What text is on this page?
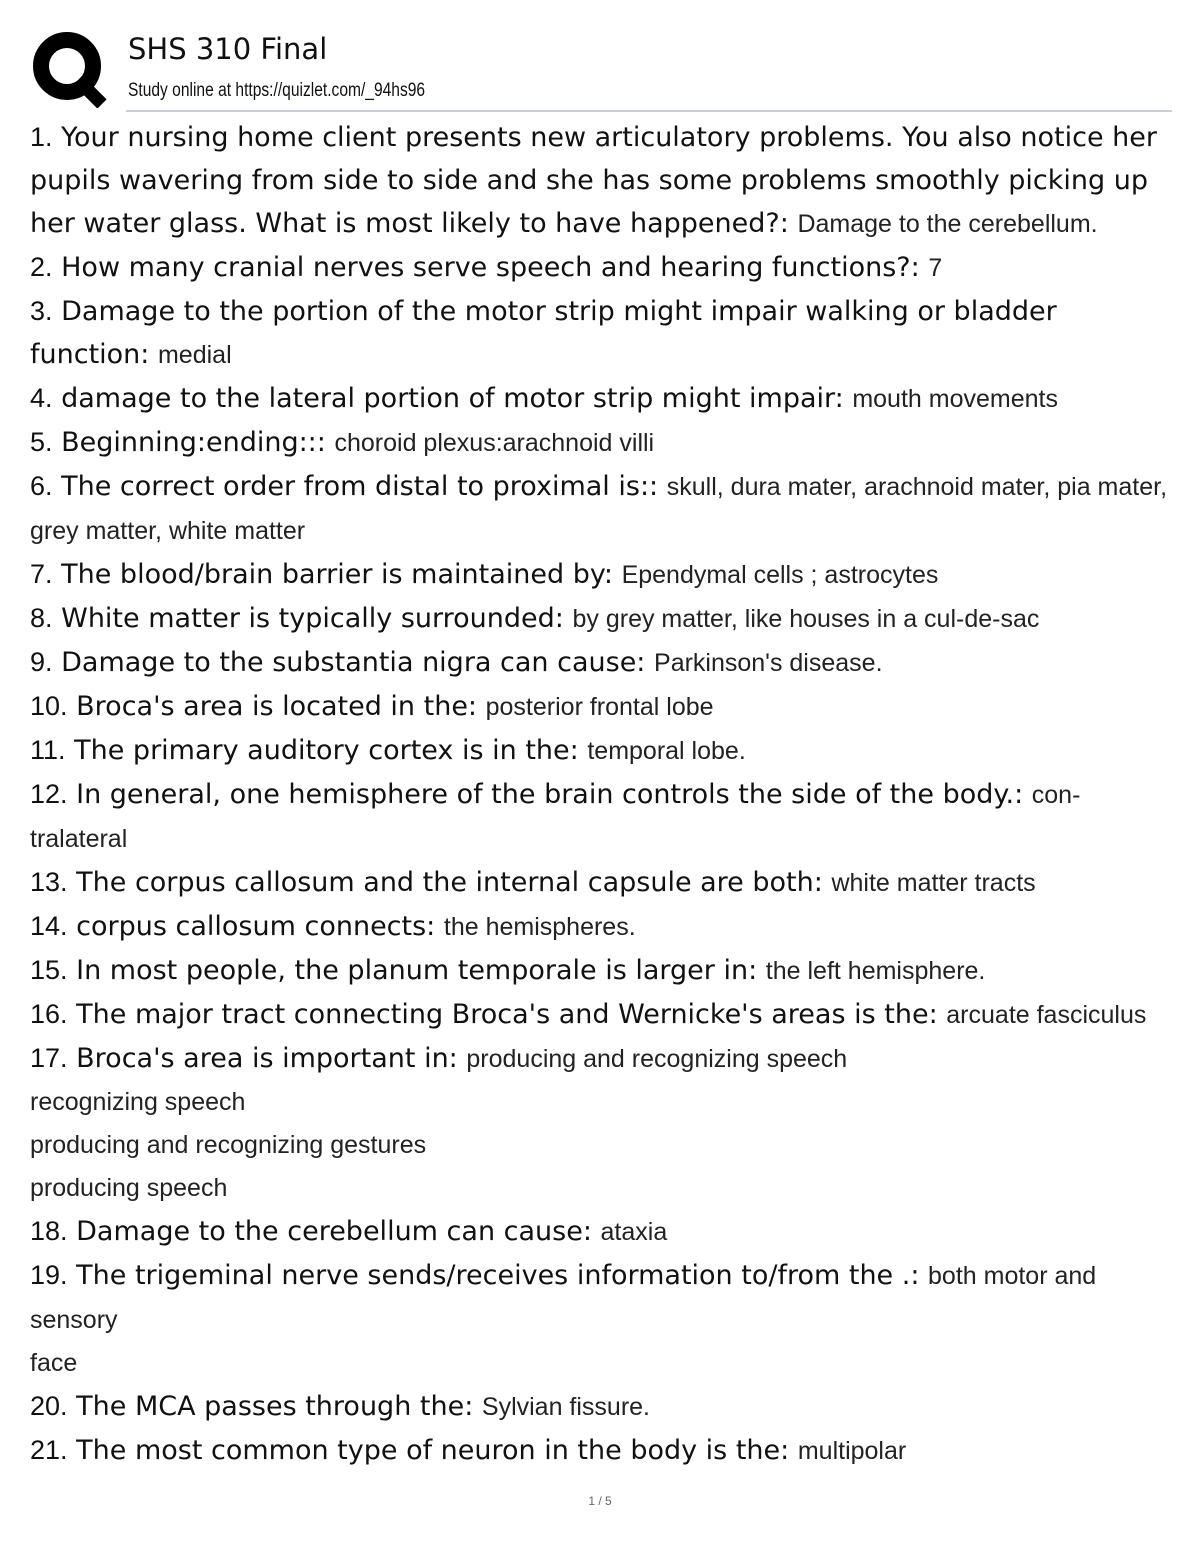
SHS 310 Final
Study online at https://quizlet.com/_94hs96

1. Your nursing home client presents new articulatory problems. You also notice her pupils wavering from side to side and she has some problems smoothly picking up her water glass. What is most likely to have happened?: Damage to the cerebellum.

2. How many cranial nerves serve speech and hearing functions?: 7

3. Damage to the portion of the motor strip might impair walking or bladder function: medial

4. damage to the lateral portion of motor strip might impair: mouth movements

5. Beginning:ending::: choroid plexus:arachnoid villi

6. The correct order from distal to proximal is:: skull, dura mater, arachnoid mater, pia mater, grey matter, white matter

7. The blood/brain barrier is maintained by: Ependymal cells ; astrocytes

8. White matter is typically surrounded: by grey matter, like houses in a cul-de-sac

9. Damage to the substantia nigra can cause: Parkinson's disease.

10. Broca's area is located in the: posterior frontal lobe

11. The primary auditory cortex is in the: temporal lobe.

12. In general, one hemisphere of the brain controls the side of the body.: con-tralateral

13. The corpus callosum and the internal capsule are both: white matter tracts

14. corpus callosum connects: the hemispheres.

15. In most people, the planum temporale is larger in: the left hemisphere.

16. The major tract connecting Broca's and Wernicke's areas is the: arcuate fasciculus

17. Broca's area is important in: producing and recognizing speech
recognizing speech
producing and recognizing gestures
producing speech

18. Damage to the cerebellum can cause: ataxia

19. The trigeminal nerve sends/receives information to/from the .: both motor and sensory
face

20. The MCA passes through the: Sylvian fissure.

21. The most common type of neuron in the body is the: multipolar

1 / 5
